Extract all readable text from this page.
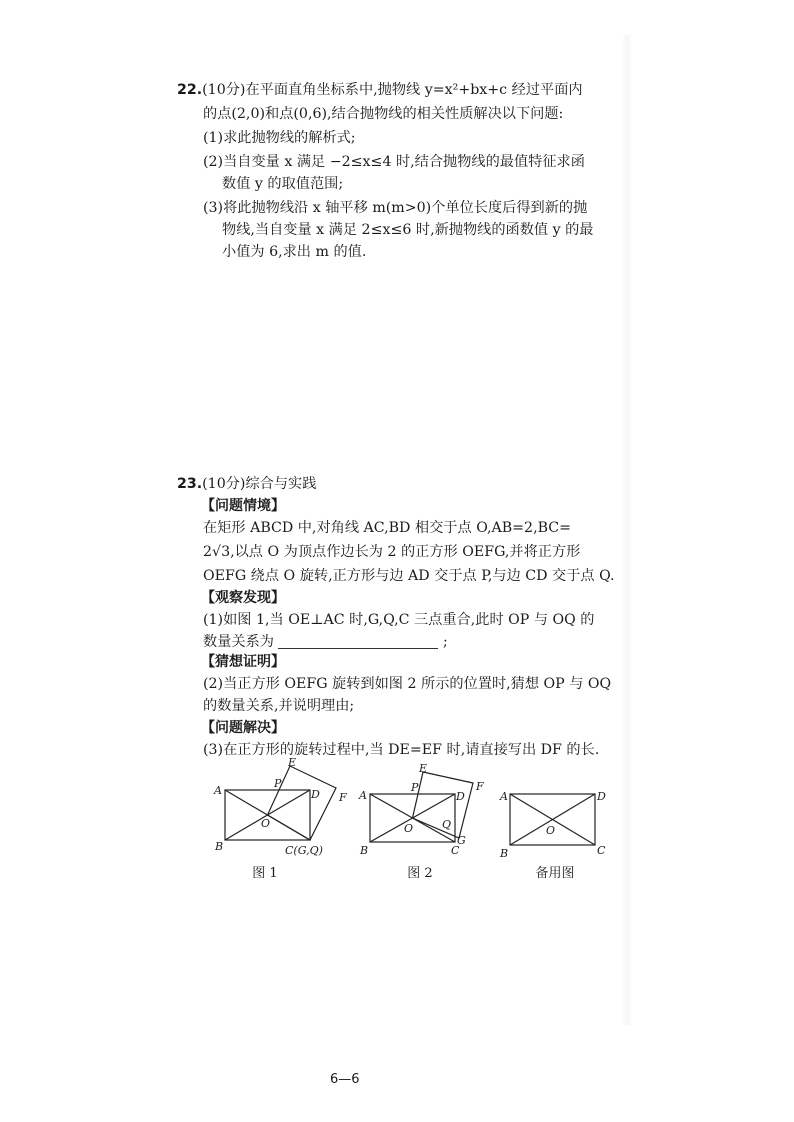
22.(10分)在平面直角坐标系中,抛物线 y=x²+bx+c 经过平面内
的点(2,0)和点(0,6),结合抛物线的相关性质解决以下问题:
(1)求此抛物线的解析式;
(2)当自变量 x 满足 −2≤x≤4 时,结合抛物线的最值特征求函
数值 y 的取值范围;
(3)将此抛物线沿 x 轴平移 m(m>0)个单位长度后得到新的抛
物线,当自变量 x 满足 2≤x≤6 时,新抛物线的函数值 y 的最
小值为 6,求出 m 的值.
23.(10分)综合与实践
【问题情境】
在矩形 ABCD 中,对角线 AC,BD 相交于点 O,AB=2,BC=
2√3,以点 O 为顶点作边长为 2 的正方形 OEFG,并将正方形
OEFG 绕点 O 旋转,正方形与边 AD 交于点 P,与边 CD 交于点 Q.
【观察发现】
(1)如图 1,当 OE⊥AC 时,G,Q,C 三点重合,此时 OP 与 OQ 的
数量关系为	;
【猜想证明】
(2)当正方形 OEFG 旋转到如图 2 所示的位置时,猜想 OP 与 OQ
的数量关系,并说明理由;
【问题解决】
(3)在正方形的旋转过程中,当 DE=EF 时,请直接写出 DF 的长.
A
B	C(G,Q)
D
E
F
O
P
图 1
A
B	C
D
E
F
O
P
Q
G
图 2
A
B	C
D
O
备用图
6—6
